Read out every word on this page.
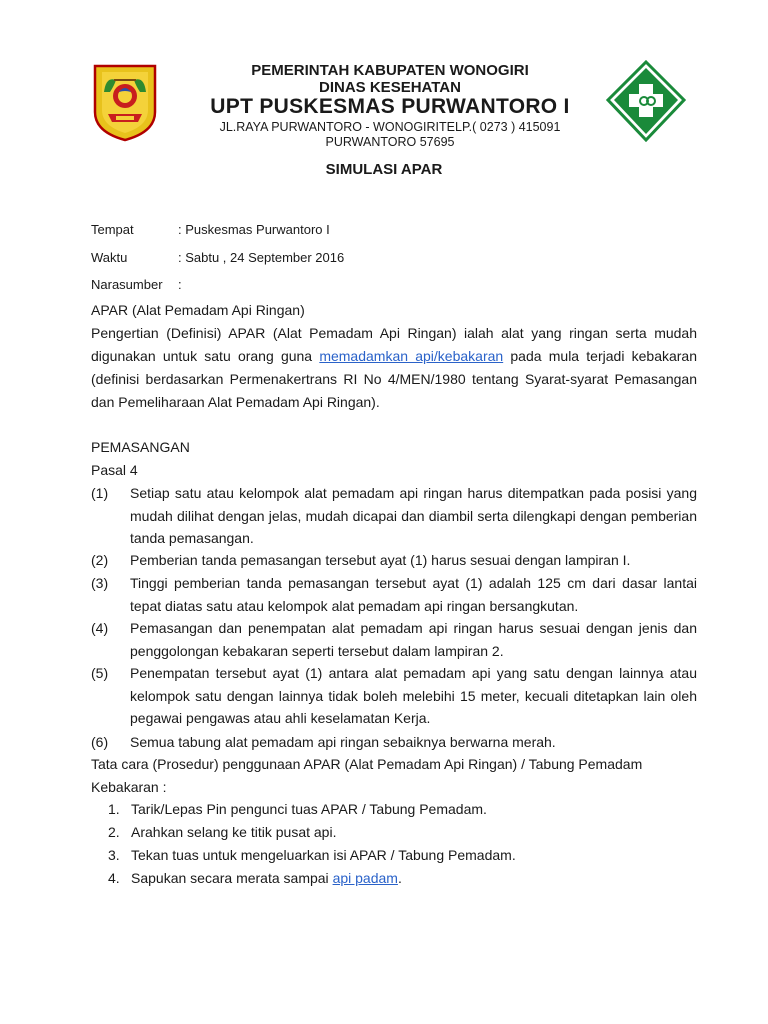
PEMERINTAH KABUPATEN WONOGIRI
DINAS KESEHATAN
UPT PUSKESMAS PURWANTORO I
JL.RAYA PURWANTORO - WONOGIRITELP.( 0273 ) 415091
PURWANTORO 57695
SIMULASI APAR
Tempat	: Puskesmas Purwantoro I
Waktu	: Sabtu , 24 September 2016
Narasumber :
APAR (Alat Pemadam Api Ringan)
Pengertian (Definisi) APAR (Alat Pemadam Api Ringan) ialah alat yang ringan serta mudah digunakan untuk satu orang guna memadamkan api/kebakaran pada mula terjadi kebakaran (definisi berdasarkan Permenakertrans RI No 4/MEN/1980 tentang Syarat-syarat Pemasangan dan Pemeliharaan Alat Pemadam Api Ringan).
PEMASANGAN
Pasal 4
(1) Setiap satu atau kelompok alat pemadam api ringan harus ditempatkan pada posisi yang mudah dilihat dengan jelas, mudah dicapai dan diambil serta dilengkapi dengan pemberian tanda pemasangan.
(2) Pemberian tanda pemasangan tersebut ayat (1) harus sesuai dengan lampiran I.
(3) Tinggi pemberian tanda pemasangan tersebut ayat (1) adalah 125 cm dari dasar lantai tepat diatas satu atau kelompok alat pemadam api ringan bersangkutan.
(4) Pemasangan dan penempatan alat pemadam api ringan harus sesuai dengan jenis dan penggolongan kebakaran seperti tersebut dalam lampiran 2.
(5) Penempatan tersebut ayat (1) antara alat pemadam api yang satu dengan lainnya atau kelompok satu dengan lainnya tidak boleh melebihi 15 meter, kecuali ditetapkan lain oleh pegawai pengawas atau ahli keselamatan Kerja.
(6) Semua tabung alat pemadam api ringan sebaiknya berwarna merah.
Tata cara (Prosedur) penggunaan APAR (Alat Pemadam Api Ringan) / Tabung Pemadam Kebakaran :
1. Tarik/Lepas Pin pengunci tuas APAR / Tabung Pemadam.
2. Arahkan selang ke titik pusat api.
3. Tekan tuas untuk mengeluarkan isi APAR / Tabung Pemadam.
4. Sapukan secara merata sampai api padam.
